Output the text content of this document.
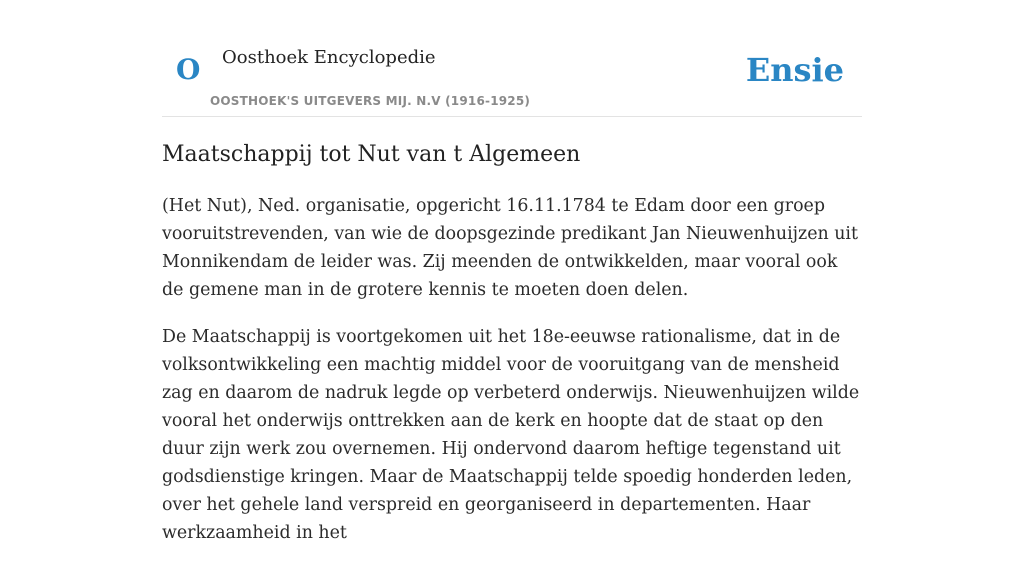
O Oosthoek Encyclopedie
OOSTHOEK'S UITGEVERS MIJ. N.V (1916-1925)
Ensie
Maatschappij tot Nut van t Algemeen

(Het Nut), Ned. organisatie, opgericht 16.11.1784 te Edam door een groep vooruitstrevenden, van wie de doopsgezinde predikant Jan Nieuwenhuijzen uit Monnikendam de leider was. Zij meenden de ontwikkelden, maar vooral ook de gemene man in de grotere kennis te moeten doen delen.

De Maatschappij is voortgekomen uit het 18e-eeuwse rationalisme, dat in de volksontwikkeling een machtig middel voor de vooruitgang van de mensheid zag en daarom de nadruk legde op verbeterd onderwijs. Nieuwenhuijzen wilde vooral het onderwijs onttrekken aan de kerk en hoopte dat de staat op den duur zijn werk zou overnemen. Hij ondervond daarom heftige tegenstand uit godsdienstige kringen. Maar de Maatschappij telde spoedig honderden leden, over het gehele land verspreid en georganiseerd in departementen. Haar werkzaamheid in het
